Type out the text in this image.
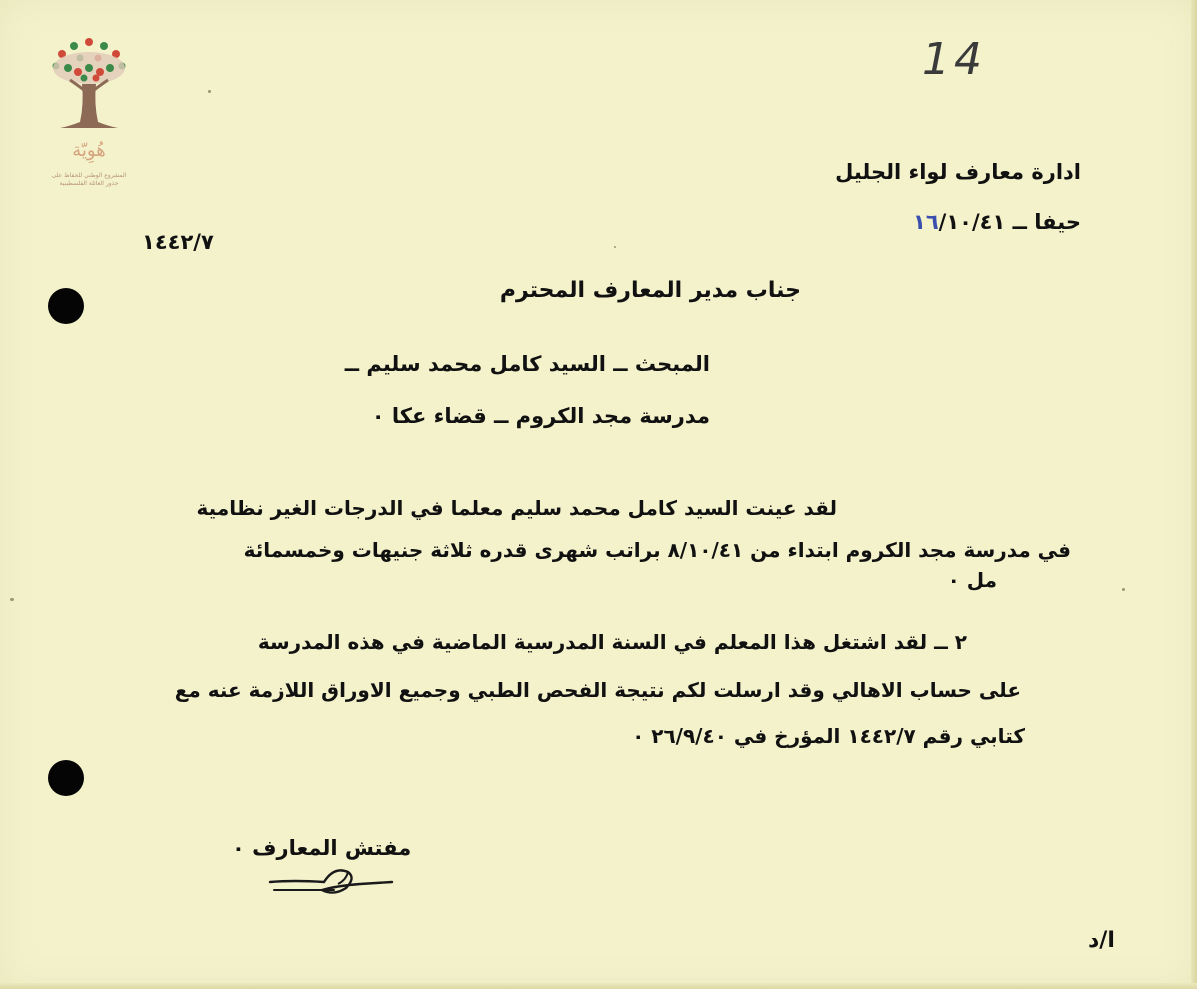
هُوِيّة
المشروع الوطني للحفاظ على
جذور العائلة الفلسطينية
14
ادارة معارف لواء الجليل
حيفا ــ ١٦/١٠/٤١
١٤٤٢/٧
جناب مدير المعارف المحترم
المبحث ــ السيد كامل محمد سليم ــ
مدرسة مجد الكروم ــ قضاء عكا ٠
لقد عينت السيد كامل محمد سليم معلما في الدرجات الغير نظامية
في مدرسة مجد الكروم ابتداء من ٨/١٠/٤١ براتب شهرى قدره ثلاثة جنيهات وخمسمائة
مل ٠
٢ ــ لقد اشتغل هذا المعلم في السنة المدرسية الماضية في هذه المدرسة
على حساب الاهالي وقد ارسلت لكم نتيجة الفحص الطبي وجميع الاوراق اللازمة عنه مع
كتابي رقم ١٤٤٢/٧ المؤرخ في ٢٦/٩/٤٠ ٠
مفتش المعارف ٠
ا/د
